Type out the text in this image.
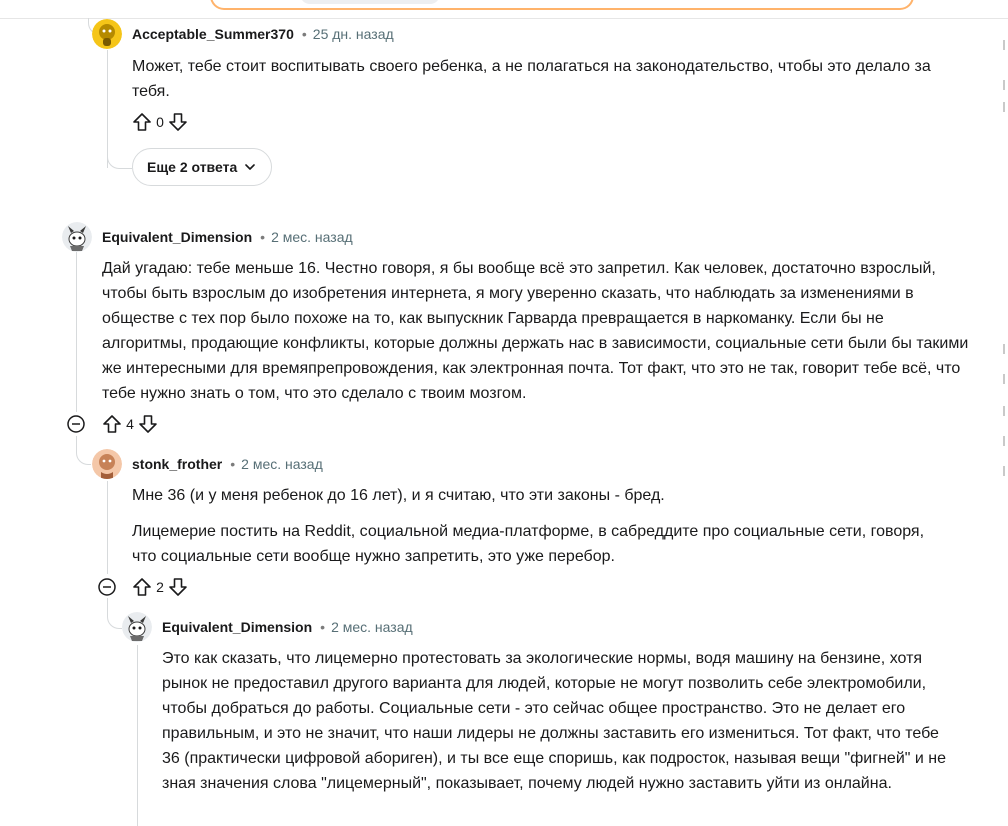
Acceptable_Summer370 • 25 дн. назад

Может, тебе стоит воспитывать своего ребенка, а не полагаться на законодательство, чтобы это делало за тебя.

0
Еще 2 ответа
Equivalent_Dimension • 2 мес. назад

Дай угадаю: тебе меньше 16. Честно говоря, я бы вообще всё это запретил. Как человек, достаточно взрослый, чтобы быть взрослым до изобретения интернета, я могу уверенно сказать, что наблюдать за изменениями в обществе с тех пор было похоже на то, как выпускник Гарварда превращается в наркоманку. Если бы не алгоритмы, продающие конфликты, которые должны держать нас в зависимости, социальные сети были бы такими же интересными для времяпрепровождения, как электронная почта. Тот факт, что это не так, говорит тебе всё, что тебе нужно знать о том, что это сделало с твоим мозгом.

4
stonk_frother • 2 мес. назад

Мне 36 (и у меня ребенок до 16 лет), и я считаю, что эти законы - бред.

Лицемерие постить на Reddit, социальной медиа-платформе, в сабреддите про социальные сети, говоря, что социальные сети вообще нужно запретить, это уже перебор.

2
Equivalent_Dimension • 2 мес. назад

Это как сказать, что лицемерно протестовать за экологические нормы, водя машину на бензине, хотя рынок не предоставил другого варианта для людей, которые не могут позволить себе электромобили, чтобы добраться до работы. Социальные сети - это сейчас общее пространство. Это не делает его правильным, и это не значит, что наши лидеры не должны заставить его измениться. Тот факт, что тебе 36 (практически цифровой абориген), и ты все еще споришь, как подросток, называя вещи "фигней" и не зная значения слова "лицемерный", показывает, почему людей нужно заставить уйти из онлайна.
